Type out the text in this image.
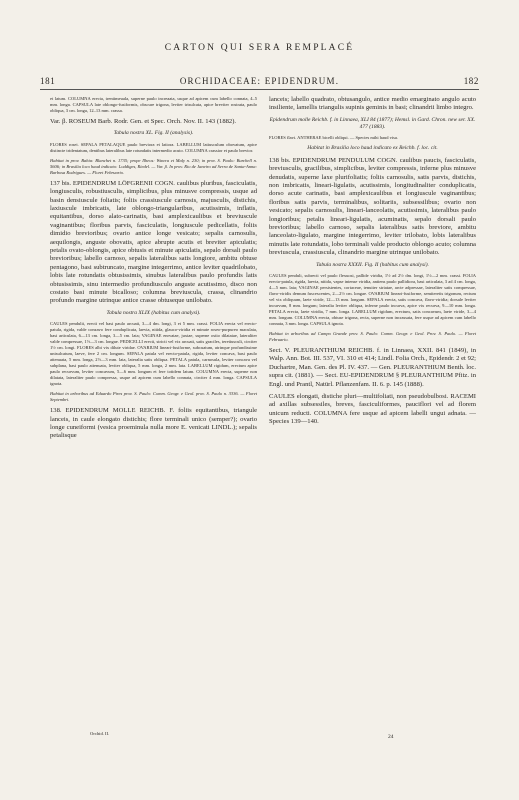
CARTON QUI SERA REMPLACÉ
181	ORCHIDACEAE: EPIDENDRUM.	182

et latum. COLUMNA erecta, trentimeuala, superne paulo increaata, usque ad apicem cum labello connata, 4–5 mm. longa. CAPSULA late oblongo-fusiformis, obscure trigona, leviter trisulcata, apice breviter rostrata, paulo obliqua, 3 cm. longa, 12–13 mm. crassa.

Var. β. ROSEUM Barb. Rodr. Gen. et Spec. Orch. Nov. II. 143 (1882).

Tabula nostra XL. Fig. II (analysis).

FLORES rosei. SEPALA PETALAQUE paulo breviora et latiora. LABELLUM latiusculum obovatum, apice distincte tridentatum, dentibus lateralibus late rotundatis intermedio acuto. COLUMNA crassior et paulo brevior.

Habitat in prov. Bahia: Blanchet n. 1735; prope Ilheos: Wawra et Maly n. 230; in prov. S. Paulo: Burchell n. 5606; in Brasilia loco haud indicato: Loddiges, Riedel. — Var. β. In prov. Rio de Janeiro ad Serra de Santa-Anna: Barbosa Rodrigues. — Floret Februario.

137 bis. EPIDENDRUM LÖFGRENII COGN. caulibus pluribus, fasciculatis, longiusculis, robustiusculis, simplicibus, plus minusve compressis, usque ad basin densiuscule foliatis; foliis crassiuscule carnosis, majusculis, distichis, laxiuscule imbricatis, late oblongo-triangularibus, acutissimis, inflatis, equitantibus, dorso alato-carinatis, basi amplexicaulibus et breviuscule vaginantibus; floribus parvis, fasciculatis, longiuscule pedicellatis, foliis dimidio brevioribus; ovario antice longe vesicato; sepalis carnosulis, aequilongis, anguste obovatis, apice abrupte acutis et breviter apiculatis; petalis ovato-oblongis, apice obtusis et minute apiculatis, sepalo dorsali paulo brevioribus; labello carnoso, sepalis lateralibus satis longiore, ambitu obtuse pentagono, basi subtruncato, margine integerrimo, antice leviter quadrilobato, lobis late rotundatis obtusissimis, sinubus lateralibus paulo profundis latis obtusissimis, sinu intermedio profundiusculo anguste acutissimo, disco non costato basi minute bicalloso; columna breviuscula, crassa, clinandrio profundo margine utrinque antice crasse obtuseque unilobato.

Tabula nostra XLIX (habitus cum analysi).

CAULES pendulii, erecti vel basi paulo arcuati, 3—4 dm. longi, 3 et 5 mm. crassi. FOLIA erecta vel erecto-patula, rigida, valde conzavo fere conduplicata, laevia, nitida, glauco-viridia et minute roseo-purpureo maculata, basi articulata, 6—13 cm. longa, 3—5 cm. lata; VAGINAE enrvatae, juxtae, superne ostio dilatatae, lateraliter valde compressae, 1½—3 cm. longae. PEDICELLI erecti, stricti vel vix arcuati, satis graciles, teretiusculi, circiter 1½ cm. longi. FLORES albi vix dilute viridae. OVARIUM lineari-fusiforme, subcuatum, utrinque profundissime unisulcatum, laeve, fere 2 cm. longum. SEPALA patula vel erecto-patula, rigida, leviter concava, basi paulo attenuata, 5 mm. longa, 2½—3 mm. lata, lateralia satis obliqua. PETALA patula, carnosula, leviter concava vel subplana, basi paulo attenuata, leviter obliqua, 5 mm. longa, 2 mm. lata. LABELLUM rigidum, erectum apice paulo recurvum, leviter concavum, 5—6 mm. longum et fere totidem latum. COLUMNA erecta, superne non dilatata, lateraliter paulo compressa, usque ad apicem cum labello connata, circiter 4 mm. longa. CAPSULA ignota.

Habitat in arboribus ad Eduardo Pires prov. S. Paulo: Comm. Geogr. e Geol. prov. S. Paulo n. 3336. — Floret Septembri.

138. EPIDENDRUM MOLLE REICHB. F. foliis equitantibus, triangule lanceis, in caule elongato distichis; flore terminali unico (semper?); ovario longe cuneiformi (vesica proeminula nulla more E. venicati LINDL.); sepalis petalisque

lanceis; labello quadrato, obtusangulo, antice medio emarginato angulo acuto insiliente, lamellis triangulis supinis geminis in basi; clinandrii limbo integro.

Epidendrum molle Reichb. f. in Linnaea, XLI 84 (1877); Hemsl. in Gard. Chron. new ser. XX. 477 (1883).

FLORES flavi. ANTHERAE bicelli obliqui. — Species mihi haud visa.

Habitat in Brasilia loco haud indicato ex Reichb. f. loc. cit.

138 bis. EPIDENDRUM PENDULUM COGN. caulibus paucis, fasciculatis, breviusculis, gracilibus, simplicibus, leviter compressis, inferne plus minusve denudatis, superne laxe plurifoliatis; foliis carnosulis, satis parvis, distichis, non imbricatis, lineari-ligulatis, acutissimis, longitudinaliter conduplicatis, dorso acute carinatis, basi amplexicaulibus et longiuscule vaginantibus; floribus satis parvis, terminalibus, solitariis, subsessilibus; ovario non vesicato; sepalis carnosulis, lineari-lanceolatis, acutissimis, lateralibus paulo longioribus; petalis lineari-ligulatis, acuminatis, sepalo dorsali paulo brevioribus; labello carnoso, sepalis lateralibus satis breviore, ambitu lanceolato-ligulato, margine integerrimo, leviter trilobato, lobis lateralibus minutis late rotundatis, lobo terminali valde producto oblongo acuto; columna breviuscula, crassiuscula, clinandrio margine utrinque unilobato.

Tabula nostra XXXII. Fig. II (habitus cum analysi).

CAULES penduli, subrecti vel paulo flexuosi, pallide viridia, 1½ ad 2½ dm. longi, 1½—2 mm. crassi. FOLIA erecto-patula, rigida, laevia, nitida, vapse intense viridia, antiens paulo pallidiora, basi articulata, 3 ad 4 cm. longa, 4—5 mm. lata; VAGINAE persistentes, cortaceae, tenuiter striatae, arcte adpressae, lateraliter satis compressae, flavo-viridis demum fuscescentes, 2—2½ cm. longae. OVARIUM lineari-fusiforme, semiteretis trigonum, rectum vel vix obliquum, laete viride, 12—13 mm. longum. SEPALA erecta, satis concava, flavo-viridia; dorsale leviter incurvum, 8 mm. longum; lateralia leviter obliqua, inferne paulo incurva, apice vix recurva, 9—10 mm. longa. PETALA erecta, laete viridia, 7 mm. longa. LABELLUM rigidum, erectum, satis concavum, laete viride, 3—4 mm. longum. COLUMNA erecta, obtuse trigona, recta, superne non incrassata, fere usque ad apicem cum labello connata, 3 mm. longa. CAPSULA ignota.

Habitat in arboribus ad Campo Grande prov. S. Paulo: Comm. Geogr. e Geol. Prov. S. Paulo. — Floret Februario.

Sect. V. PLEURANTHIUM REICHB. f. in Linnaea, XXII. 841 (1849), in Walp. Ann. Bot. III. 537, VI. 310 et 414; Lindl. Folia Orch., Epidendr. 2 et 92; Duchartre, Man. Gen. des Pl. IV. 437. — Gen. PLEURANTHIUM Benth. loc. supra cit. (1881). — Sect. EU-EPIDENDRUM § PLEURANTHIUM Pfitz. in Engl. und Prantl, Natürl. Pflanzenfam. II. 6. p. 145 (1888).

CAULES elongati, distiche pluri—multifoliati, non pseudobulbosi. RACEMI ad axillas subsessiles, breves, fasciculiformes, pauciflori vel ad florem unicum reducti. COLUMNA fere usque ad apicem labelli ungui adnata. — Species 139—140.

Orchid. II.
24
